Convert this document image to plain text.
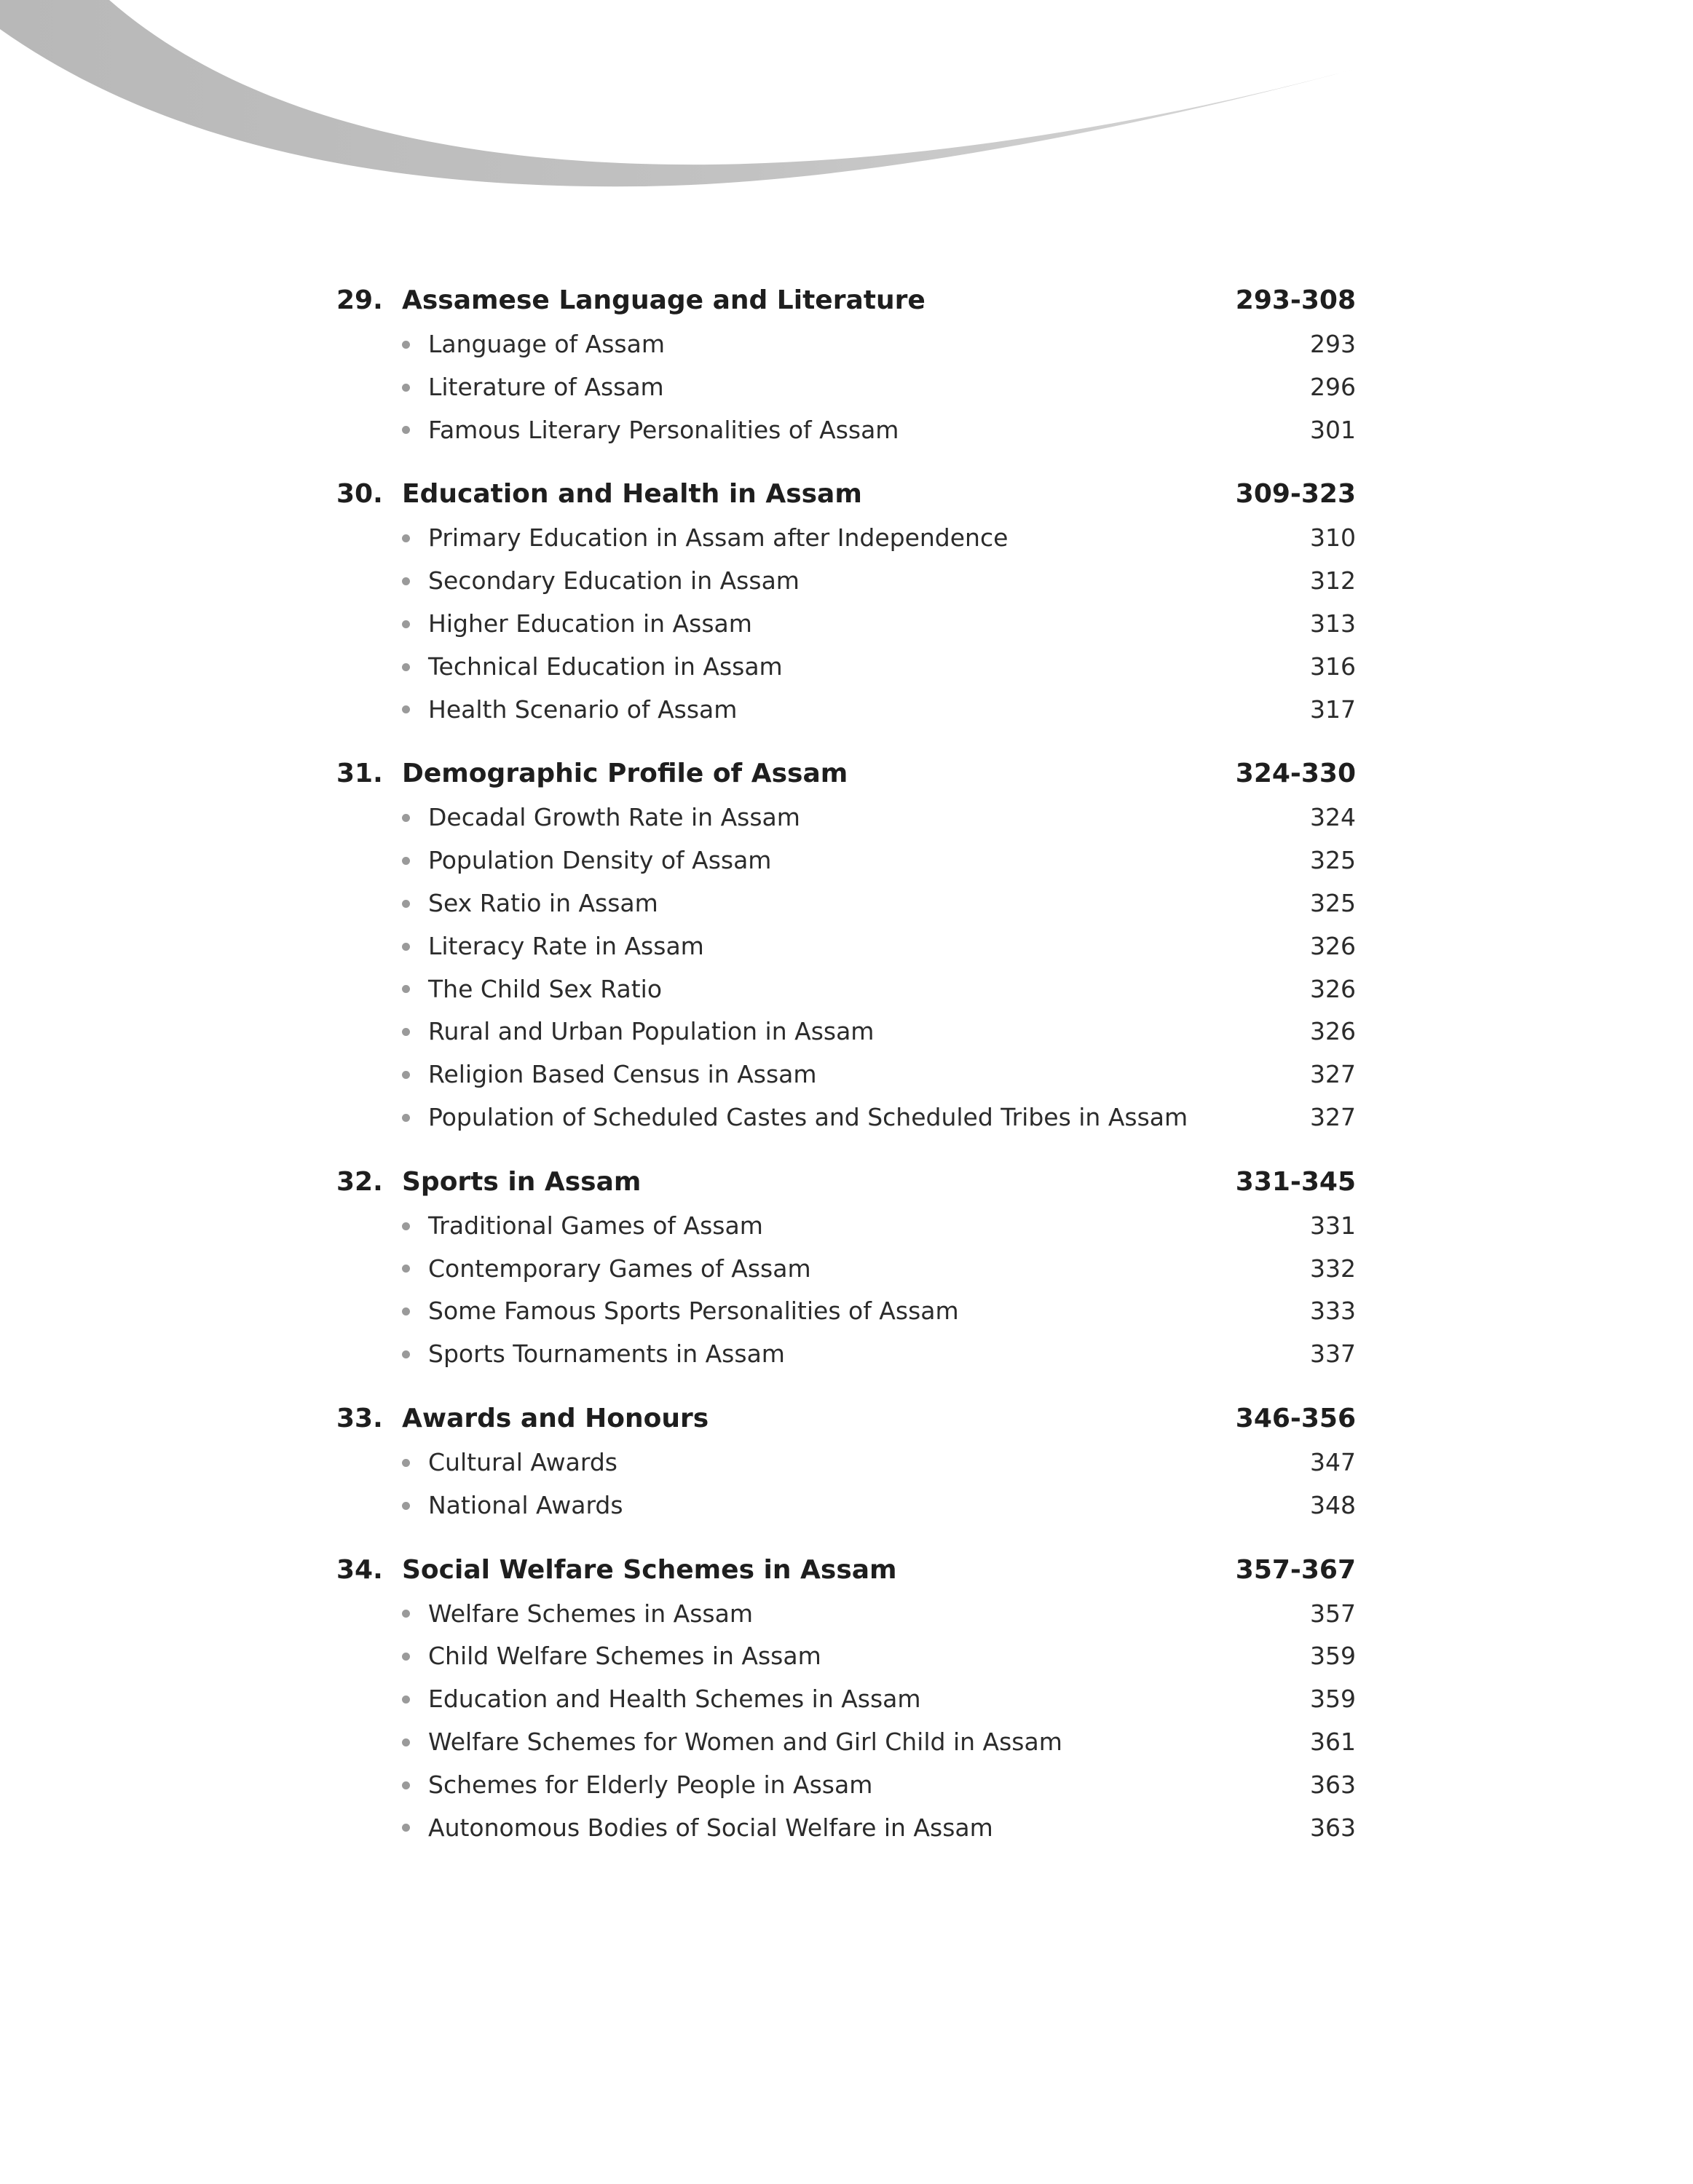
29. Assamese Language and Literature	293-308
Language of Assam	293
Literature of Assam	296
Famous Literary Personalities of Assam	301
30. Education and Health in Assam	309-323
Primary Education in Assam after Independence	310
Secondary Education in Assam	312
Higher Education in Assam	313
Technical Education in Assam	316
Health Scenario of Assam	317
31. Demographic Profile of Assam	324-330
Decadal Growth Rate in Assam	324
Population Density of Assam	325
Sex Ratio in Assam	325
Literacy Rate in Assam	326
The Child Sex Ratio	326
Rural and Urban Population in Assam	326
Religion Based Census in Assam	327
Population of Scheduled Castes and Scheduled Tribes in Assam	327
32. Sports in Assam	331-345
Traditional Games of Assam	331
Contemporary Games of Assam	332
Some Famous Sports Personalities of Assam	333
Sports Tournaments in Assam	337
33. Awards and Honours	346-356
Cultural Awards	347
National Awards	348
34. Social Welfare Schemes in Assam	357-367
Welfare Schemes in Assam	357
Child Welfare Schemes in Assam	359
Education and Health Schemes in Assam	359
Welfare Schemes for Women and Girl Child in Assam	361
Schemes for Elderly People in Assam	363
Autonomous Bodies of Social Welfare in Assam	363
